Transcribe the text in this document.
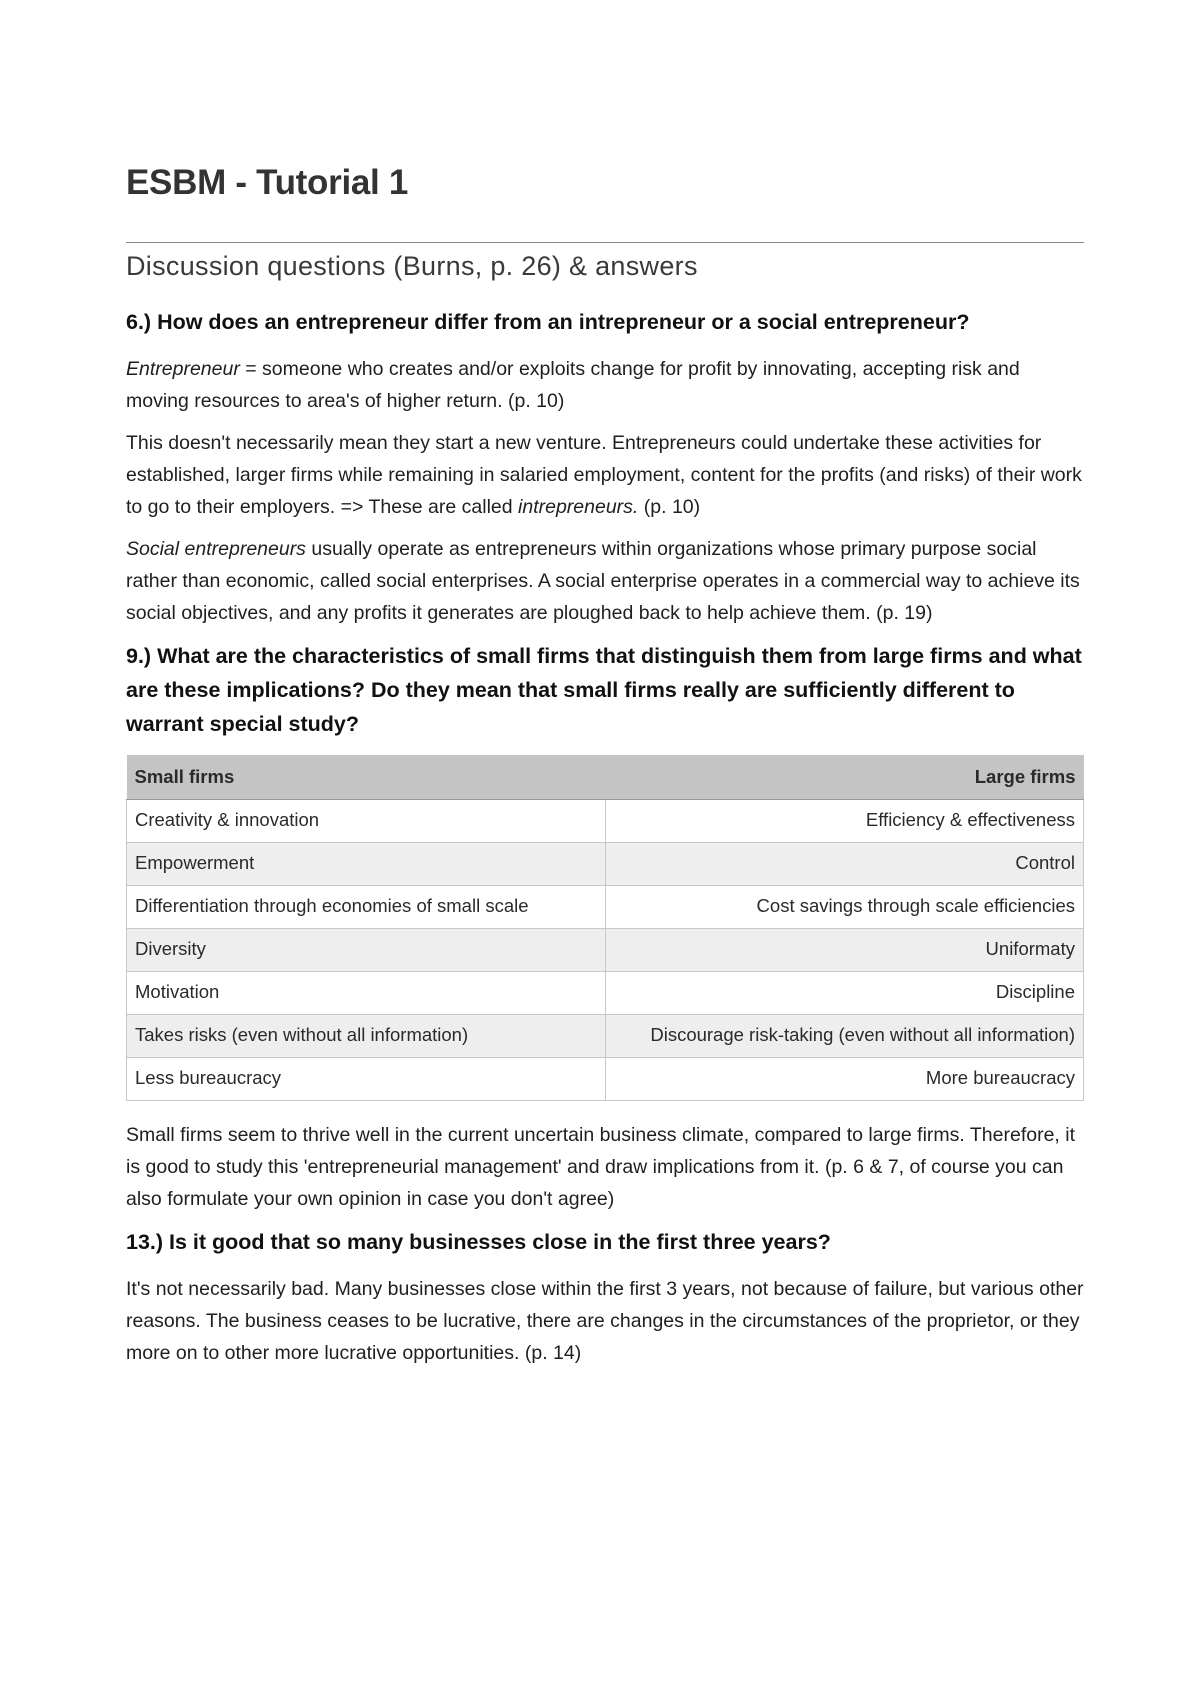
ESBM - Tutorial 1
Discussion questions (Burns, p. 26) & answers
6.) How does an entrepreneur differ from an intrepreneur or a social entrepreneur?

Entrepreneur = someone who creates and/or exploits change for profit by innovating, accepting risk and moving resources to area's of higher return. (p. 10)

This doesn't necessarily mean they start a new venture. Entrepreneurs could undertake these activities for established, larger firms while remaining in salaried employment, content for the profits (and risks) of their work to go to their employers. => These are called intrepreneurs. (p. 10)

Social entrepreneurs usually operate as entrepreneurs within organizations whose primary purpose social rather than economic, called social enterprises. A social enterprise operates in a commercial way to achieve its social objectives, and any profits it generates are ploughed back to help achieve them. (p. 19)

9.) What are the characteristics of small firms that distinguish them from large firms and what are these implications? Do they mean that small firms really are sufficiently different to warrant special study?
Small firms	Large firms
Creativity & innovation	Efficiency & effectiveness
Empowerment	Control
Differentiation through economies of small scale	Cost savings through scale efficiencies
Diversity	Uniformaty
Motivation	Discipline
Takes risks (even without all information)	Discourage risk-taking (even without all information)
Less bureaucracy	More bureaucracy

Small firms seem to thrive well in the current uncertain business climate, compared to large firms. Therefore, it is good to study this 'entrepreneurial management' and draw implications from it. (p. 6 & 7, of course you can also formulate your own opinion in case you don't agree)

13.) Is it good that so many businesses close in the first three years?

It's not necessarily bad. Many businesses close within the first 3 years, not because of failure, but various other reasons. The business ceases to be lucrative, there are changes in the circumstances of the proprietor, or they more on to other more lucrative opportunities. (p. 14)
